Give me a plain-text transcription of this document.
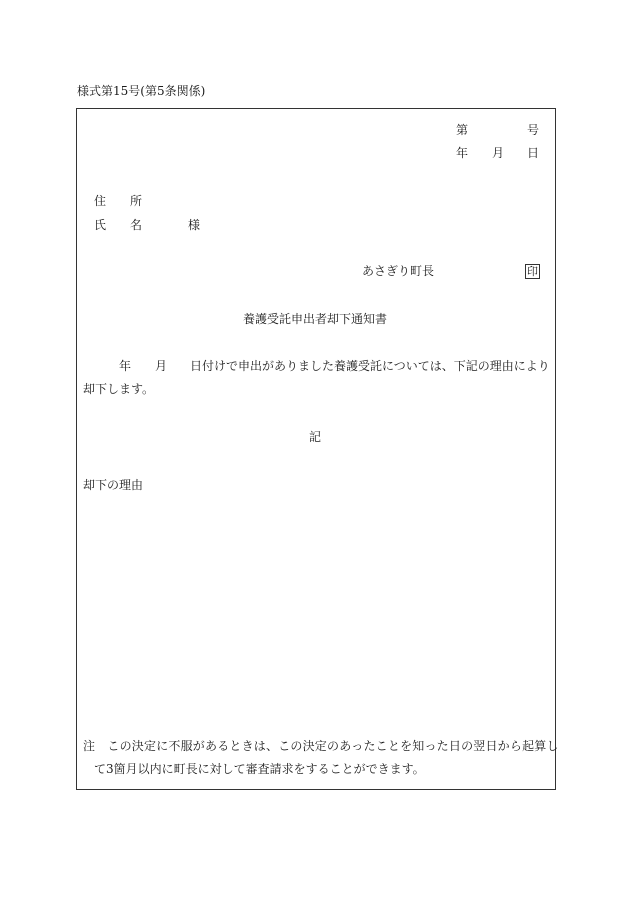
様式第15号(第5条関係)
第	号
年 月 日
住 所
氏 名	様
あさぎり町長	印
養護受託申出者却下通知書
年 月 日付けで申出がありました養護受託については、下記の理由により
却下します。
記
却下の理由
注　この決定に不服があるときは、この決定のあったことを知った日の翌日から起算し
て3箇月以内に町長に対して審査請求をすることができます。
